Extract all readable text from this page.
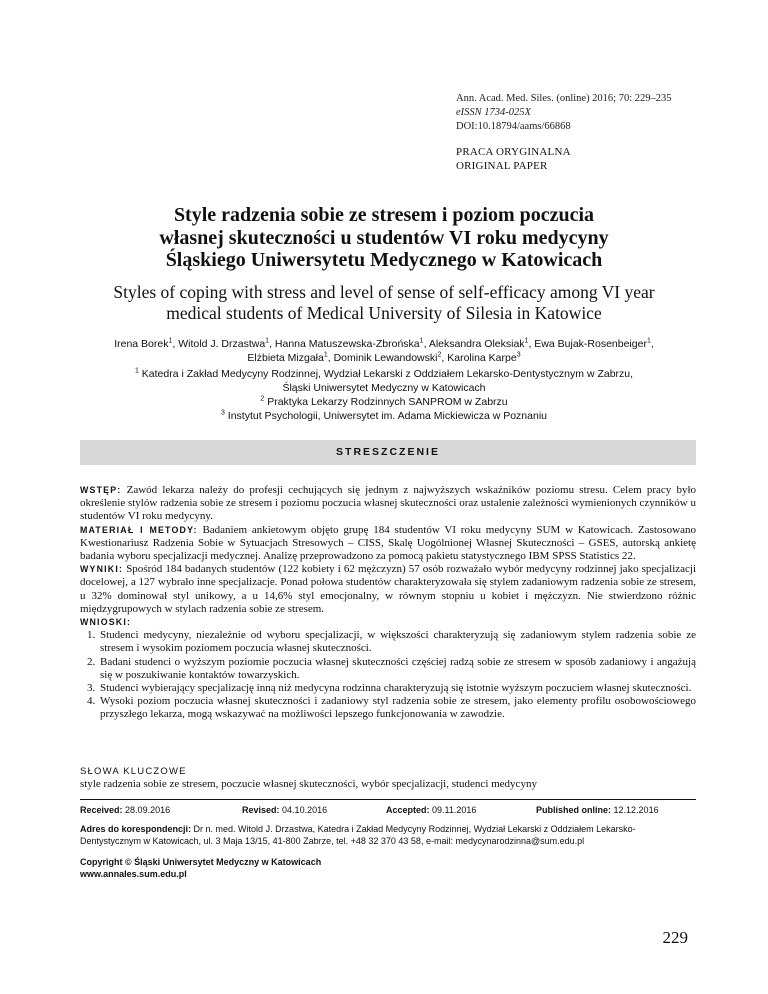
Ann. Acad. Med. Siles. (online) 2016; 70: 229–235
eISSN 1734-025X
DOI:10.18794/aams/66868
PRACA ORYGINALNA
ORIGINAL PAPER
Style radzenia sobie ze stresem i poziom poczucia
własnej skuteczności u studentów VI roku medycyny
Śląskiego Uniwersytetu Medycznego w Katowicach
Styles of coping with stress and level of sense of self-efficacy among VI year
medical students of Medical University of Silesia in Katowice
Irena Borek$^1$, Witold J. Drzastwa$^1$, Hanna Matuszewska-Zbrońska$^1$, Aleksandra Oleksiak$^1$, Ewa Bujak-Rosenbeiger$^1$,
Elżbieta Mizgała$^1$, Dominik Lewandowski$^2$, Karolina Karpe$^3$
$^1$ Katedra i Zakład Medycyny Rodzinnej, Wydział Lekarski z Oddziałem Lekarsko-Dentystycznym w Zabrzu,
Śląski Uniwersytet Medyczny w Katowicach
$^2$ Praktyka Lekarzy Rodzinnych SANPROM w Zabrzu
$^3$ Instytut Psychologii, Uniwersytet im. Adama Mickiewicza w Poznaniu
STRESZCZENIE

WSTĘP: Zawód lekarza należy do profesji cechujących się jednym z najwyższych wskaźników poziomu stresu. Celem pracy było określenie stylów radzenia sobie ze stresem i poziomu poczucia własnej skuteczności oraz ustalenie zależności wymienionych czynników u studentów VI roku medycyny.

MATERIAŁ I METODY: Badaniem ankietowym objęto grupę 184 studentów VI roku medycyny SUM w Katowicach. Zastosowano Kwestionariusz Radzenia Sobie w Sytuacjach Stresowych – CISS, Skalę Uogólnionej Własnej Skuteczności – GSES, autorską ankietę badania wyboru specjalizacji medycznej. Analizę przeprowadzono za pomocą pakietu statystycznego IBM SPSS Statistics 22.

WYNIKI: Spośród 184 badanych studentów (122 kobiety i 62 mężczyzn) 57 osób rozważało wybór medycyny rodzinnej jako specjalizacji docelowej, a 127 wybrało inne specjalizacje. Ponad połowa studentów charakteryzowała się stylem zadaniowym radzenia sobie ze stresem, u 32% dominował styl unikowy, a u 14,6% styl emocjonalny, w równym stopniu u kobiet i mężczyzn. Nie stwierdzono różnic międzygrupowych w stylach radzenia sobie ze stresem.

WNIOSKI:

1. Studenci medycyny, niezależnie od wyboru specjalizacji, w większości charakteryzują się zadaniowym stylem radzenia sobie ze stresem i wysokim poziomem poczucia własnej skuteczności.
2. Badani studenci o wyższym poziomie poczucia własnej skuteczności częściej radzą sobie ze stresem w sposób zadaniowy i angażują się w poszukiwanie kontaktów towarzyskich.
3. Studenci wybierający specjalizację inną niż medycyna rodzinna charakteryzują się istotnie wyższym poczuciem własnej skuteczności.
4. Wysoki poziom poczucia własnej skuteczności i zadaniowy styl radzenia sobie ze stresem, jako elementy profilu osobowościowego przyszłego lekarza, mogą wskazywać na możliwości lepszego funkcjonowania w zawodzie.
SŁOWA KLUCZOWE
style radzenia sobie ze stresem, poczucie własnej skuteczności, wybór specjalizacji, studenci medycyny
Received: 28.09.2016	Revised: 04.10.2016	Accepted: 09.11.2016	Published online: 12.12.2016
Adres do korespondencji: Dr n. med. Witold J. Drzastwa, Katedra i Zakład Medycyny Rodzinnej, Wydział Lekarski z Oddziałem Lekarsko-Dentystycznym w Katowicach, ul. 3 Maja 13/15, 41-800 Zabrze, tel. +48 32 370 43 58, e-mail: medycynarodzinna@sum.edu.pl
Copyright © Śląski Uniwersytet Medyczny w Katowicach
www.annales.sum.edu.pl
229
